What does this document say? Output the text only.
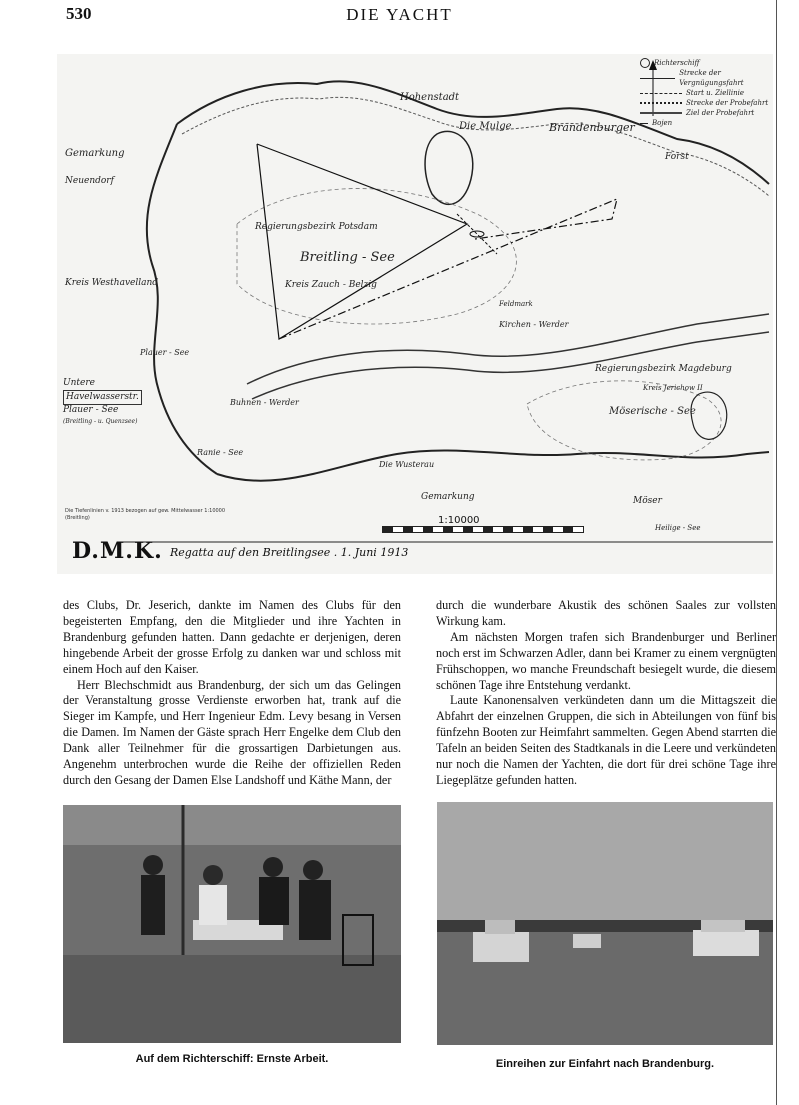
530	DIE YACHT
Richterschiff
Strecke der Vergnügungsfahrt
Start u. Ziellinie
Strecke der Probefahrt
Ziel der Probefahrt
Bojen
Hohenstadt
Die Mulge	Brandenburger
Forst
Gemarkung
Neuendorf
Regierungsbezirk Potsdam
Breitling - See
Kreis Zauch - Belzig
Kreis Westhavelland
Plauer - See
Feldmark
Kirchen - Werder
Buhnen - Werder
Regierungsbezirk Magdeburg
Möserische - See
Kreis Jerichow II
Ranie - See
Die Wusterau
Gemarkung	Möser
Heilige - See
Untere
Havelwasserstr.
Plauer - See
(Breitling - u. Quenzsee)
Die Tiefenlinien v. 1913 bezogen auf gew. Mittelwasser 1:10000 (Breitling)	1:10000
D.M.K. Regatta auf den Breitlingsee . 1. Juni 1913

des Clubs, Dr. Jeserich, dankte im Namen des Clubs für den begeisterten Empfang, den die Mitglieder und ihre Yachten in Brandenburg gefunden hatten. Dann gedachte er derjenigen, deren hingebende Arbeit der grosse Erfolg zu danken war und schloss mit einem Hoch auf den Kaiser.

Herr Blechschmidt aus Brandenburg, der sich um das Gelingen der Veranstaltung grosse Verdienste erworben hat, trank auf die Sieger im Kampfe, und Herr Ingenieur Edm. Levy besang in Versen die Damen. Im Namen der Gäste sprach Herr Engelke dem Club den Dank aller Teilnehmer für die grossartigen Darbietungen aus. Angenehm unterbrochen wurde die Reihe der offiziellen Reden durch den Gesang der Damen Else Landshoff und Käthe Mann, der

durch die wunderbare Akustik des schönen Saales zur vollsten Wirkung kam.

Am nächsten Morgen trafen sich Brandenburger und Berliner noch erst im Schwarzen Adler, dann bei Kramer zu einem vergnügten Frühschoppen, wo manche Freundschaft besiegelt wurde, die diesem schönen Tage ihre Entstehung verdankt.

Laute Kanonensalven verkündeten dann um die Mittagszeit die Abfahrt der einzelnen Gruppen, die sich in Abteilungen von fünf bis fünfzehn Booten zur Heimfahrt sammelten. Gegen Abend starrten die Tafeln an beiden Seiten des Stadtkanals in die Leere und verkündeten nur noch die Namen der Yachten, die dort für drei schöne Tage ihre Liegeplätze gefunden hatten.

Auf dem Richterschiff: Ernste Arbeit.	Einreihen zur Einfahrt nach Brandenburg.
